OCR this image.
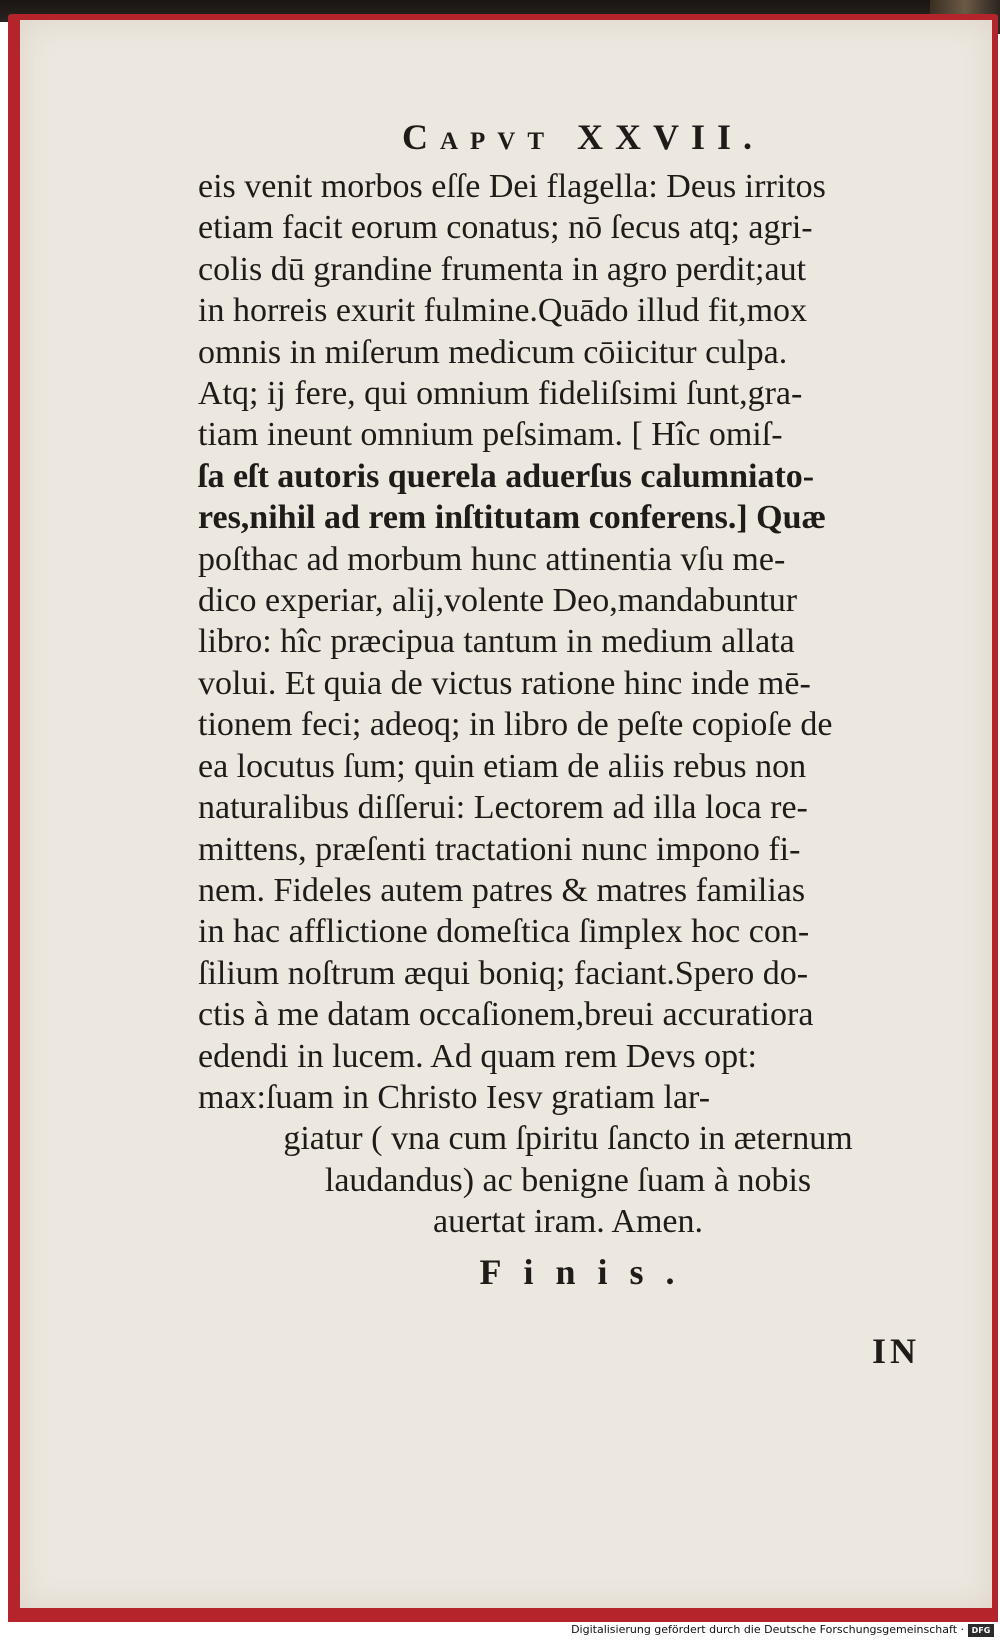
Capvt XXVII.
eis venit morbos eſſe Dei flagella: Deus irritos
etiam facit eorum conatus; nō ſecus atq; agri-
colis dū grandine frumenta in agro perdit;aut
in horreis exurit fulmine.Quādo illud fit,mox
omnis in miſerum medicum cōiicitur culpa.
Atq; ij fere, qui omnium fideliſsimi ſunt,gra-
tiam ineunt omnium peſsimam. [ Hîc omiſ-
ſa eſt autoris querela aduerſus calumniato-
res,nihil ad rem inſtitutam conferens.] Quæ
poſthac ad morbum hunc attinentia vſu me-
dico experiar, alij,volente Deo,mandabuntur
libro: hîc præcipua tantum in medium allata
volui. Et quia de victus ratione hinc inde mē-
tionem feci; adeoq; in libro de peſte copioſe de
ea locutus ſum; quin etiam de aliis rebus non
naturalibus diſſerui: Lectorem ad illa loca re-
mittens, præſenti tractationi nunc impono fi-
nem. Fideles autem patres & matres familias
in hac afflictione domeſtica ſimplex hoc con-
ſilium noſtrum æqui boniq; faciant.Spero do-
ctis à me datam occaſionem,breui accuratiora
edendi in lucem. Ad quam rem Devs opt:
max:ſuam in Christo Iesv gratiam lar-
giatur ( vna cum ſpiritu ſancto in æternum
laudandus) ac benigne ſuam à nobis
auertat iram. Amen.
Finis.
IN
Digitalisierung gefördert durch die Deutsche Forschungsgemeinschaft · DFG
